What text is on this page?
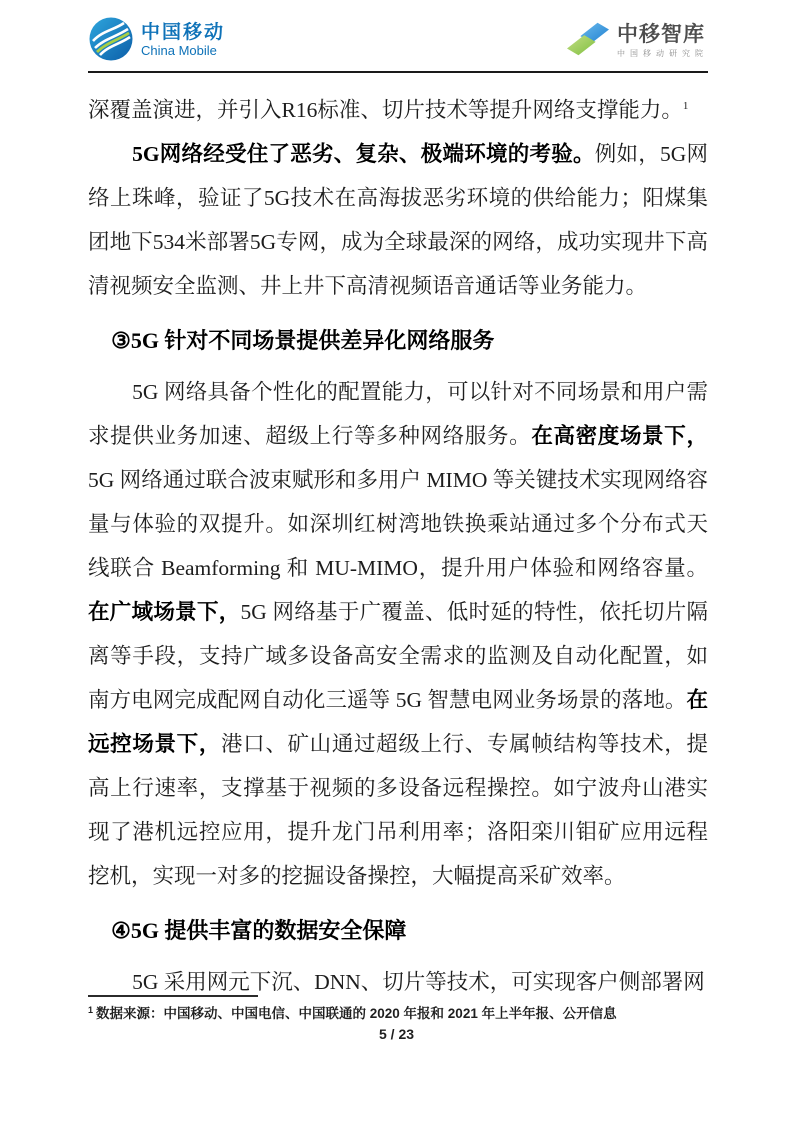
中国移动
China Mobile
中移智库
中国移动研究院

深覆盖演进，并引入R16标准、切片技术等提升网络支撑能力。$^1$

5G网络经受住了恶劣、复杂、极端环境的考验。例如，5G网络上珠峰，验证了5G技术在高海拔恶劣环境的供给能力；阳煤集团地下534米部署5G专网，成为全球最深的网络，成功实现井下高清视频安全监测、井上井下高清视频语音通话等业务能力。

③5G 针对不同场景提供差异化网络服务

5G 网络具备个性化的配置能力，可以针对不同场景和用户需求提供业务加速、超级上行等多种网络服务。在高密度场景下，5G 网络通过联合波束赋形和多用户 MIMO 等关键技术实现网络容量与体验的双提升。如深圳红树湾地铁换乘站通过多个分布式天线联合 Beamforming 和 MU-MIMO，提升用户体验和网络容量。在广域场景下，5G 网络基于广覆盖、低时延的特性，依托切片隔离等手段，支持广域多设备高安全需求的监测及自动化配置，如南方电网完成配网自动化三遥等 5G 智慧电网业务场景的落地。在远控场景下，港口、矿山通过超级上行、专属帧结构等技术，提高上行速率，支撑基于视频的多设备远程操控。如宁波舟山港实现了港机远控应用，提升龙门吊利用率；洛阳栾川钼矿应用远程挖机，实现一对多的挖掘设备操控，大幅提高采矿效率。

④5G 提供丰富的数据安全保障

5G 采用网元下沉、DNN、切片等技术，可实现客户侧部署网

$^1$ 数据来源：中国移动、中国电信、中国联通的 2020 年报和 2021 年上半年报、公开信息
5 / 23
